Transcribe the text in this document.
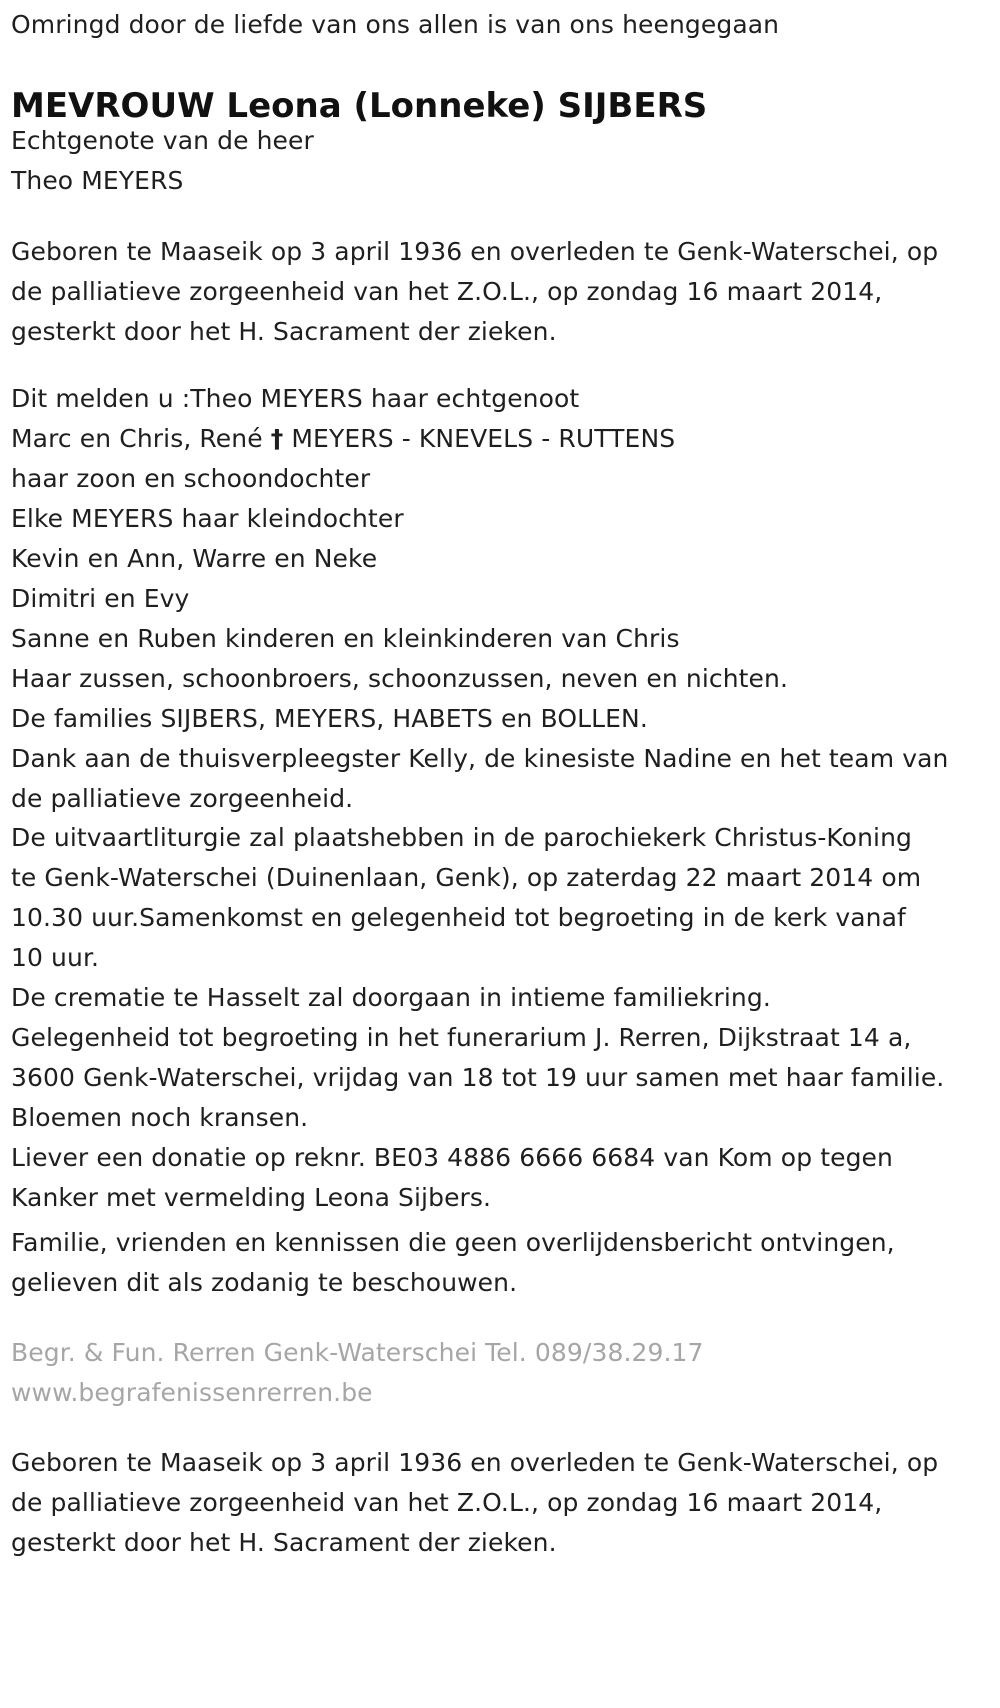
Omringd door de liefde van ons allen is van ons heengegaan
MEVROUW Leona (Lonneke) SIJBERS
Echtgenote van de heer
Theo MEYERS
Geboren te Maaseik op 3 april 1936 en overleden te Genk-Waterschei, op
de palliatieve zorgeenheid van het Z.O.L., op zondag 16 maart 2014,
gesterkt door het H. Sacrament der zieken.
Dit melden u :Theo MEYERS haar echtgenoot
Marc en Chris, René † MEYERS - KNEVELS - RUTTENS
haar zoon en schoondochter
Elke MEYERS haar kleindochter
Kevin en Ann, Warre en Neke
Dimitri en Evy
Sanne en Ruben kinderen en kleinkinderen van Chris
Haar zussen, schoonbroers, schoonzussen, neven en nichten.
De families SIJBERS, MEYERS, HABETS en BOLLEN.
Dank aan de thuisverpleegster Kelly, de kinesiste Nadine en het team van
de palliatieve zorgeenheid.
De uitvaartliturgie zal plaatshebben in de parochiekerk Christus-Koning
te Genk-Waterschei (Duinenlaan, Genk), op zaterdag 22 maart 2014 om
10.30 uur.Samenkomst en gelegenheid tot begroeting in de kerk vanaf
10 uur.
De crematie te Hasselt zal doorgaan in intieme familiekring.
Gelegenheid tot begroeting in het funerarium J. Rerren, Dijkstraat 14 a,
3600 Genk-Waterschei, vrijdag van 18 tot 19 uur samen met haar familie.
Bloemen noch kransen.
Liever een donatie op reknr. BE03 4886 6666 6684 van Kom op tegen
Kanker met vermelding Leona Sijbers.
Familie, vrienden en kennissen die geen overlijdensbericht ontvingen,
gelieven dit als zodanig te beschouwen.
Begr. & Fun. Rerren Genk-Waterschei Tel. 089/38.29.17
www.begrafenissenrerren.be
Geboren te Maaseik op 3 april 1936 en overleden te Genk-Waterschei, op
de palliatieve zorgeenheid van het Z.O.L., op zondag 16 maart 2014,
gesterkt door het H. Sacrament der zieken.
